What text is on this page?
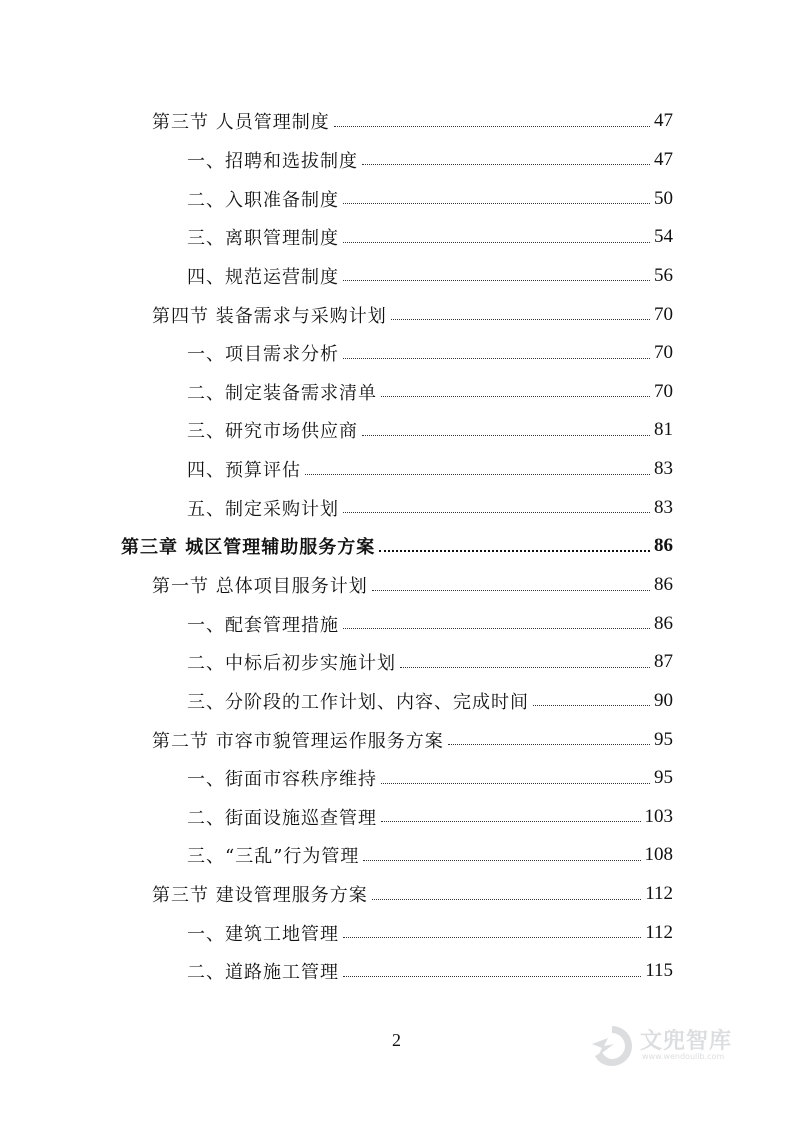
第三节 人员管理制度	47
一、招聘和选拔制度	47
二、入职准备制度	50
三、离职管理制度	54
四、规范运营制度	56
第四节 装备需求与采购计划	70
一、项目需求分析	70
二、制定装备需求清单	70
三、研究市场供应商	81
四、预算评估	83
五、制定采购计划	83
第三章 城区管理辅助服务方案	86
第一节 总体项目服务计划	86
一、配套管理措施	86
二、中标后初步实施计划	87
三、分阶段的工作计划、内容、完成时间	90
第二节 市容市貌管理运作服务方案	95
一、街面市容秩序维持	95
二、街面设施巡查管理	103
三、“三乱”行为管理	108
第三节 建设管理服务方案	112
一、建筑工地管理	112
二、道路施工管理	115
2	文兜智库
www.wendoulib.com
